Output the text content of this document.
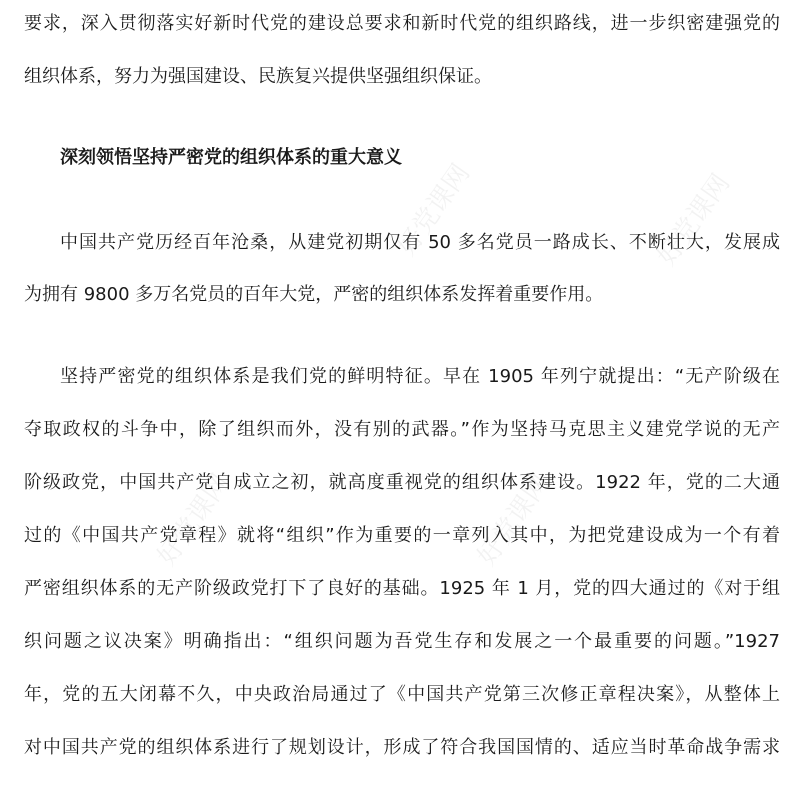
好党课网	好党课网
好党课网	好党课网
要求，深入贯彻落实好新时代党的建设总要求和新时代党的组织路线，进一步织密建强党的
组织体系，努力为强国建设、民族复兴提供坚强组织保证。
深刻领悟坚持严密党的组织体系的重大意义
中国共产党历经百年沧桑，从建党初期仅有 50 多名党员一路成长、不断壮大，发展成
为拥有 9800 多万名党员的百年大党，严密的组织体系发挥着重要作用。
坚持严密党的组织体系是我们党的鲜明特征。早在 1905 年列宁就提出：“无产阶级在
夺取政权的斗争中，除了组织而外，没有别的武器。”作为坚持马克思主义建党学说的无产
阶级政党，中国共产党自成立之初，就高度重视党的组织体系建设。1922 年，党的二大通
过的《中国共产党章程》就将“组织”作为重要的一章列入其中，为把党建设成为一个有着
严密组织体系的无产阶级政党打下了良好的基础。1925 年 1 月，党的四大通过的《对于组
织问题之议决案》明确指出：“组织问题为吾党生存和发展之一个最重要的问题。”1927
年，党的五大闭幕不久，中央政治局通过了《中国共产党第三次修正章程决案》，从整体上
对中国共产党的组织体系进行了规划设计，形成了符合我国国情的、适应当时革命战争需求
